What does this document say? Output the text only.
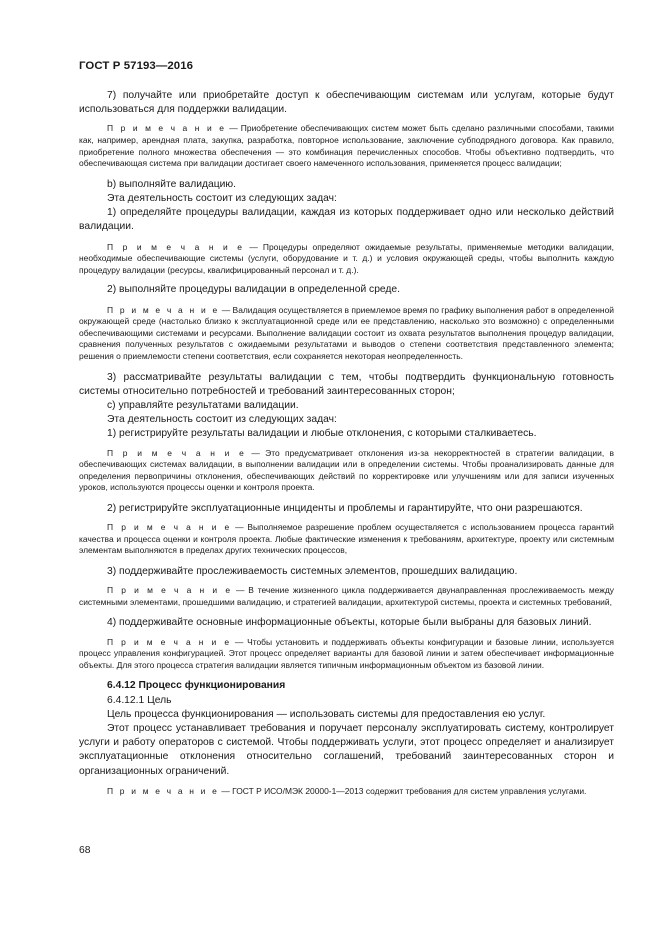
ГОСТ Р 57193—2016

7) получайте или приобретайте доступ к обеспечивающим системам или услугам, которые будут использоваться для поддержки валидации.

П р и м е ч а н и е — Приобретение обеспечивающих систем может быть сделано различными способами, такими как, например, арендная плата, закупка, разработка, повторное использование, заключение субподрядного договора. Как правило, приобретение полного множества обеспечения — это комбинация перечисленных способов. Чтобы объективно подтвердить, что обеспечивающая система при валидации достигает своего намеченного использования, применяется процесс валидации;

b) выполняйте валидацию.

Эта деятельность состоит из следующих задач:

1) определяйте процедуры валидации, каждая из которых поддерживает одно или несколько действий валидации.

П р и м е ч а н и е — Процедуры определяют ожидаемые результаты, применяемые методики валидации, необходимые обеспечивающие системы (услуги, оборудование и т. д.) и условия окружающей среды, чтобы выполнить каждую процедуру валидации (ресурсы, квалифицированный персонал и т. д.).

2) выполняйте процедуры валидации в определенной среде.

П р и м е ч а н и е — Валидация осуществляется в приемлемое время по графику выполнения работ в определенной окружающей среде (настолько близко к эксплуатационной среде или ее представлению, насколько это возможно) с определенными обеспечивающими системами и ресурсами. Выполнение валидации состоит из охвата результатов выполнения процедур валидации, сравнения полученных результатов с ожидаемыми результатами и выводов о степени соответствия представленного элемента; решения о приемлемости степени соответствия, если сохраняется некоторая неопределенность.

3) рассматривайте результаты валидации с тем, чтобы подтвердить функциональную готовность системы относительно потребностей и требований заинтересованных сторон;

c) управляйте результатами валидации.

Эта деятельность состоит из следующих задач:

1) регистрируйте результаты валидации и любые отклонения, с которыми сталкиваетесь.

П р и м е ч а н и е — Это предусматривает отклонения из-за некорректностей в стратегии валидации, в обеспечивающих системах валидации, в выполнении валидации или в определении системы. Чтобы проанализировать данные для определения первопричины отклонения, обеспечивающих действий по корректировке или улучшениям или для записи изученных уроков, используются процессы оценки и контроля проекта.

2) регистрируйте эксплуатационные инциденты и проблемы и гарантируйте, что они разрешаются.

П р и м е ч а н и е — Выполняемое разрешение проблем осуществляется с использованием процесса гарантий качества и процесса оценки и контроля проекта. Любые фактические изменения к требованиям, архитектуре, проекту или системным элементам выполняются в пределах других технических процессов,

3) поддерживайте прослеживаемость системных элементов, прошедших валидацию.

П р и м е ч а н и е — В течение жизненного цикла поддерживается двунаправленная прослеживаемость между системными элементами, прошедшими валидацию, и стратегией валидации, архитектурой системы, проекта и системных требований,

4) поддерживайте основные информационные объекты, которые были выбраны для базовых линий.

П р и м е ч а н и е — Чтобы установить и поддерживать объекты конфигурации и базовые линии, используется процесс управления конфигурацией. Этот процесс определяет варианты для базовой линии и затем обеспечивает информационные объекты. Для этого процесса стратегия валидации является типичным информационным объектом из базовой линии.

6.4.12 Процесс функционирования

6.4.12.1 Цель

Цель процесса функционирования — использовать системы для предоставления ею услуг.

Этот процесс устанавливает требования и поручает персоналу эксплуатировать систему, контролирует услуги и работу операторов с системой. Чтобы поддерживать услуги, этот процесс определяет и анализирует эксплуатационные отклонения относительно соглашений, требований заинтересованных сторон и организационных ограничений.

П р и м е ч а н и е — ГОСТ Р ИСО/МЭК 20000-1—2013 содержит требования для систем управления услугами.

68
